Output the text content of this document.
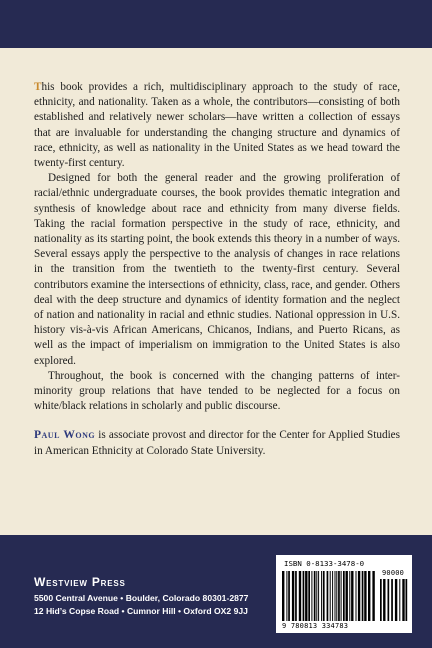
This book provides a rich, multidisciplinary approach to the study of race, ethnicity, and nationality. Taken as a whole, the contributors—consisting of both established and relatively newer scholars—have written a collection of essays that are invaluable for understanding the changing structure and dynamics of race, ethnicity, as well as nationality in the United States as we head toward the twenty-first century.

Designed for both the general reader and the growing proliferation of racial/ethnic undergraduate courses, the book provides thematic integration and synthesis of knowledge about race and ethnicity from many diverse fields. Taking the racial formation perspective in the study of race, ethnicity, and nationality as its starting point, the book extends this theory in a number of ways. Several essays apply the perspective to the analysis of changes in race relations in the transition from the twentieth to the twenty-first century. Several contributors examine the intersections of ethnicity, class, race, and gender. Others deal with the deep structure and dynamics of identity formation and the neglect of nation and nationality in racial and ethnic studies. National oppression in U.S. history vis-à-vis African Americans, Chicanos, Indians, and Puerto Ricans, as well as the impact of imperialism on immigration to the United States is also explored.

Throughout, the book is concerned with the changing patterns of inter-minority group relations that have tended to be neglected for a focus on white/black relations in scholarly and public discourse.

Paul Wong is associate provost and director for the Center for Applied Studies in American Ethnicity at Colorado State University.

Westview Press
5500 Central Avenue • Boulder, Colorado 80301-2877
12 Hid’s Copse Road • Cumnor Hill • Oxford OX2 9JJ
ISBN 0-8133-3478-0
9 780813 334783
90000
